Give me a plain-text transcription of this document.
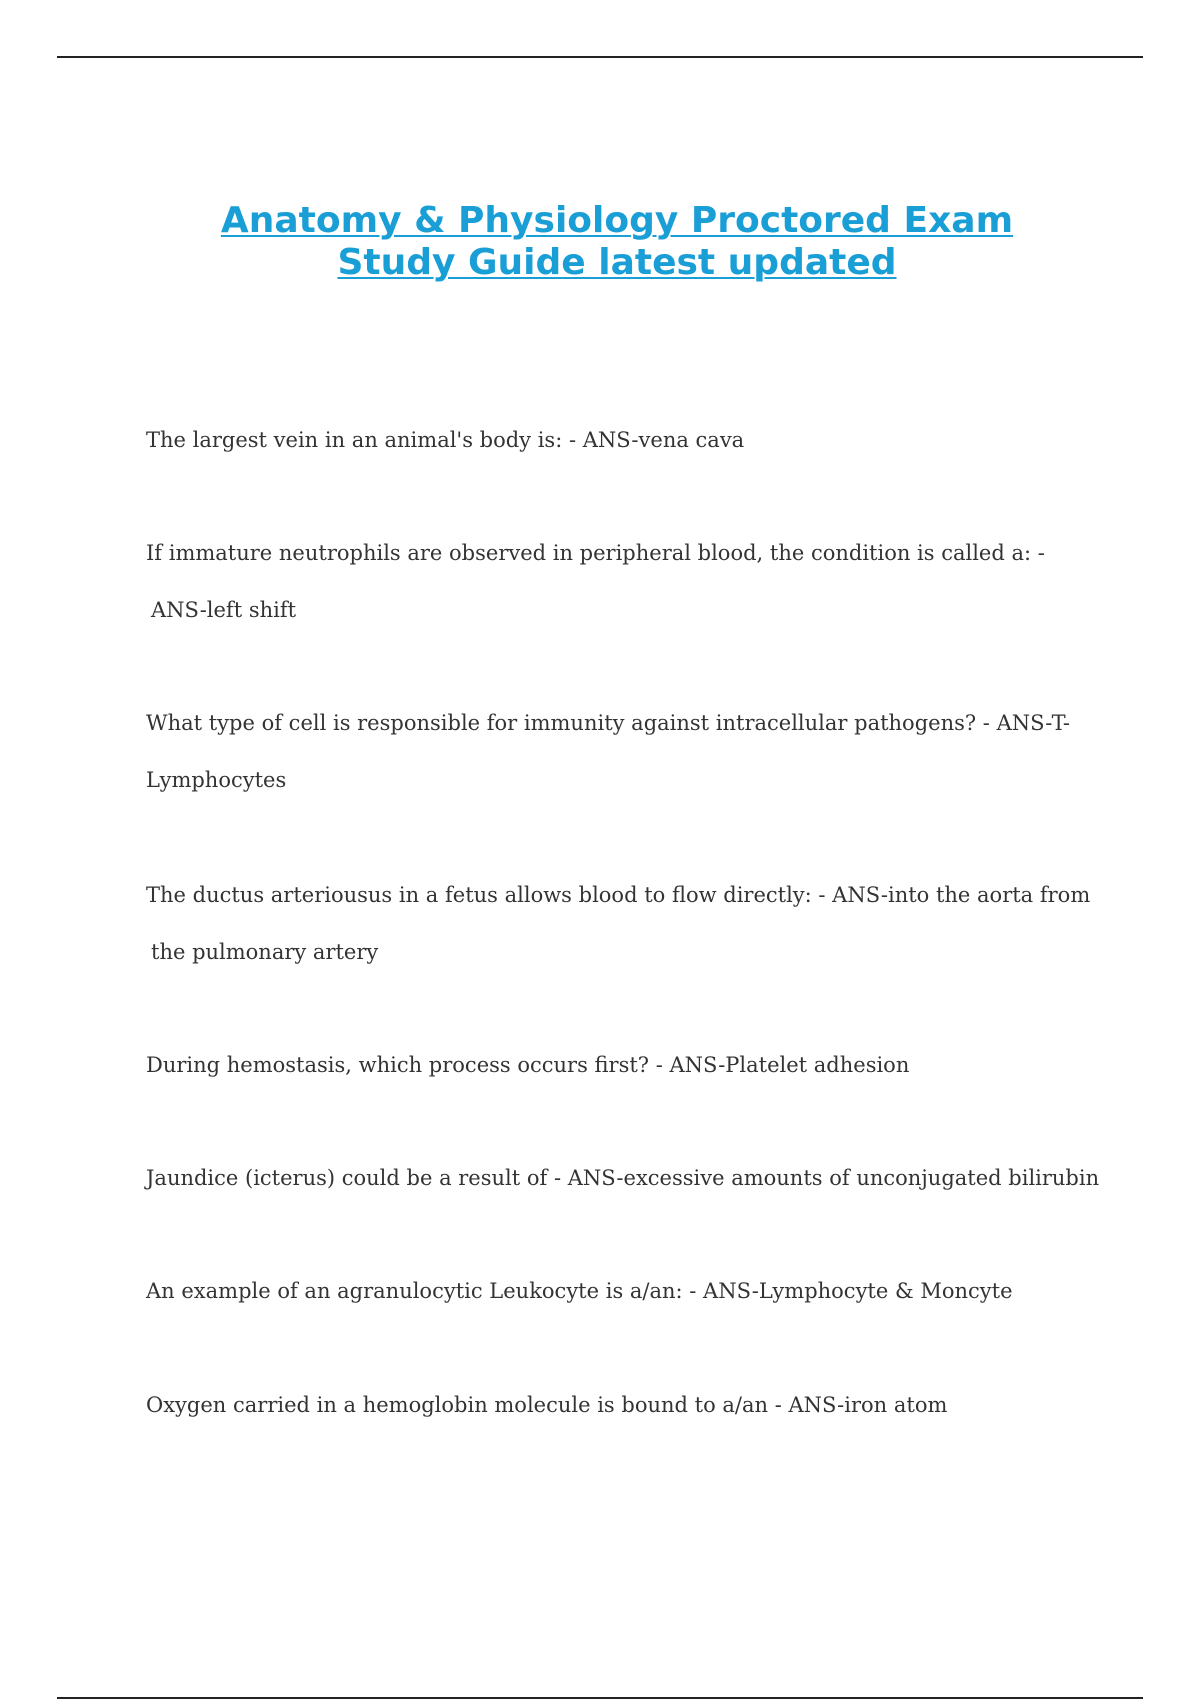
Anatomy & Physiology Proctored Exam
Study Guide latest updated

The largest vein in an animal's body is: - ANS-vena cava

If immature neutrophils are observed in peripheral blood, the condition is called a: -
ANS-left shift

What type of cell is responsible for immunity against intracellular pathogens? - ANS-T-
Lymphocytes

The ductus arteriousus in a fetus allows blood to flow directly: - ANS-into the aorta from
the pulmonary artery

During hemostasis, which process occurs first? - ANS-Platelet adhesion

Jaundice (icterus) could be a result of - ANS-excessive amounts of unconjugated bilirubin

An example of an agranulocytic Leukocyte is a/an: - ANS-Lymphocyte & Moncyte

Oxygen carried in a hemoglobin molecule is bound to a/an - ANS-iron atom
